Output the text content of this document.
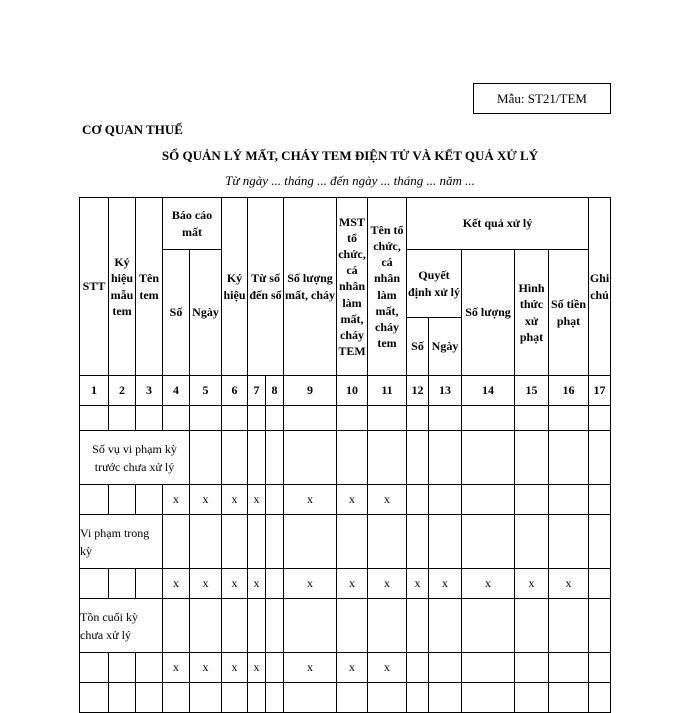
Mẫu: ST21/TEM
CƠ QUAN THUẾ
SỔ QUẢN LÝ MẤT, CHÁY TEM ĐIỆN TỬ VÀ KẾT QUẢ XỬ LÝ
Từ ngày ... tháng ... đến ngày ... tháng ... năm ...
STT	Ký hiệu mẫu tem	Tên tem	Báo cáo mất		Ký hiệu	Từ số đến số		Số lượng mất, cháy	MST tổ chức, cá nhân làm mất, cháy TEM	Tên tổ chức, cá nhân làm mất, cháy tem	Kết quả xử lý					Ghi chú
			Số	Ngày							Quyết định xử lý		Số lượng	Hình thức xử phạt	Số tiền phạt	
											Số	Ngày				
1	2	3	4	5	6	7	8	9	10	11	12	13	14	15	16	17

Số vụ vi phạm kỳ trước chưa xử lý																
			x	x	x	x		x	x	x						
Vi phạm trong kỳ																
			x	x	x	x		x	x	x	x	x	x	x	x	
Tồn cuối kỳ chưa xử lý																
			x	x	x	x		x	x	x						
